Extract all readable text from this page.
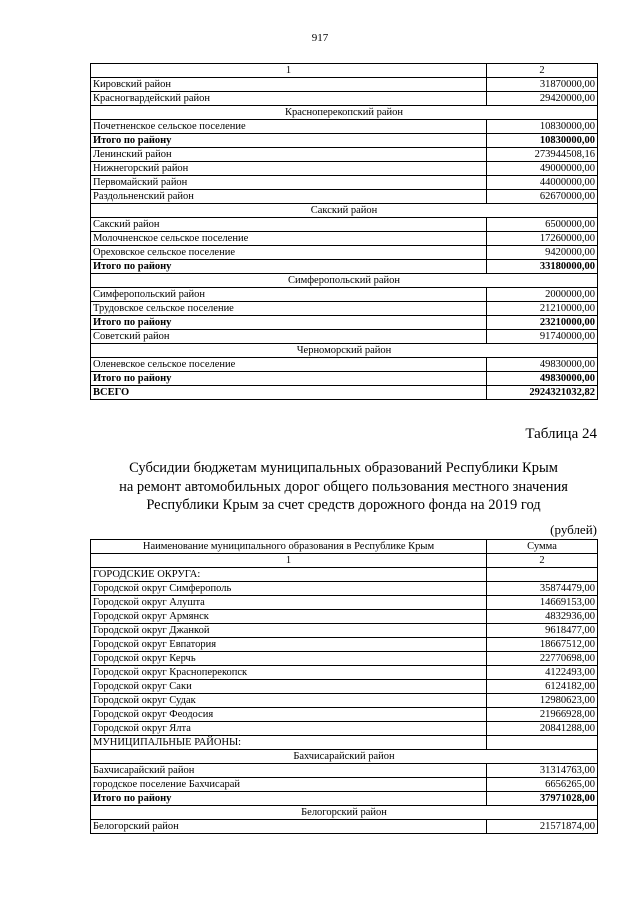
917
1	2
Кировский район	31870000,00
Красногвардейский район	29420000,00
Красноперекопский район	
Почетненское сельское поселение	10830000,00
Итого по району	10830000,00
Ленинский район	273944508,16
Нижнегорский район	49000000,00
Первомайский район	44000000,00
Раздольненский район	62670000,00
Сакский район	
Сакский район	6500000,00
Молочненское сельское поселение	17260000,00
Ореховское сельское поселение	9420000,00
Итого по району	33180000,00
Симферопольский район	
Симферопольский район	2000000,00
Трудовское сельское поселение	21210000,00
Итого по району	23210000,00
Советский район	91740000,00
Черноморский район	
Оленевское сельское поселение	49830000,00
Итого по району	49830000,00
ВСЕГО	2924321032,82
Таблица 24
Субсидии бюджетам муниципальных образований Республики Крым
на ремонт автомобильных дорог общего пользования местного значения
Республики Крым за счет средств дорожного фонда на 2019 год
(рублей)
Наименование муниципального образования в Республике Крым	Сумма
1	2
ГОРОДСКИЕ ОКРУГА:	
Городской округ Симферополь	35874479,00
Городской округ Алушта	14669153,00
Городской округ Армянск	4832936,00
Городской округ Джанкой	9618477,00
Городской округ Евпатория	18667512,00
Городской округ Керчь	22770698,00
Городской округ Красноперекопск	4122493,00
Городской округ Саки	6124182,00
Городской округ Судак	12980623,00
Городской округ Феодосия	21966928,00
Городской округ Ялта	20841288,00
МУНИЦИПАЛЬНЫЕ РАЙОНЫ:	
Бахчисарайский район	
Бахчисарайский район	31314763,00
городское поселение Бахчисарай	6656265,00
Итого по району	37971028,00
Белогорский район	
Белогорский район	21571874,00
